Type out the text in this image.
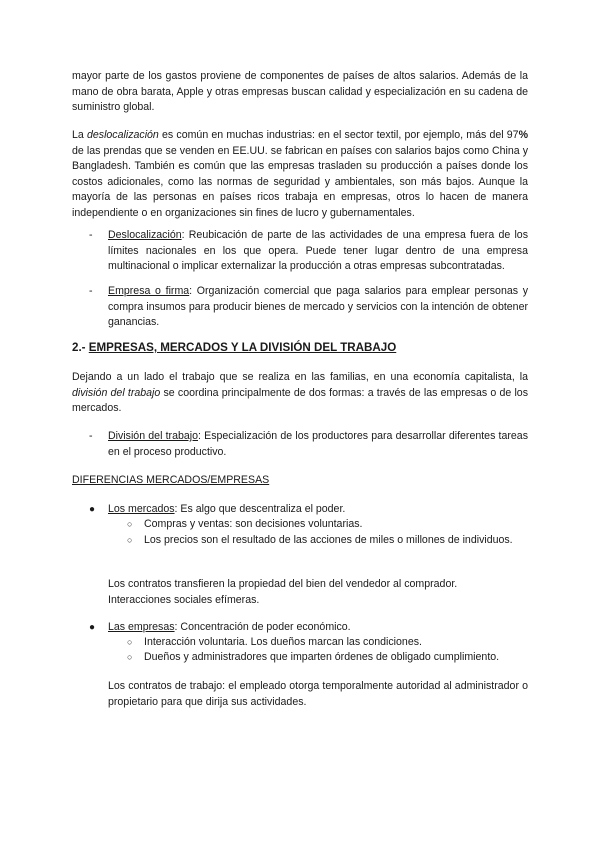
mayor parte de los gastos proviene de componentes de países de altos salarios. Además de la mano de obra barata, Apple y otras empresas buscan calidad y especialización en su cadena de suministro global.

La deslocalización es común en muchas industrias: en el sector textil, por ejemplo, más del 97% de las prendas que se venden en EE.UU. se fabrican en países con salarios bajos como China y Bangladesh. También es común que las empresas trasladen su producción a países donde los costos adicionales, como las normas de seguridad y ambientales, son más bajos. Aunque la mayoría de las personas en países ricos trabaja en empresas, otros lo hacen de manera independiente o en organizaciones sin fines de lucro y gubernamentales.

- Deslocalización: Reubicación de parte de las actividades de una empresa fuera de los límites nacionales en los que opera. Puede tener lugar dentro de una empresa multinacional o implicar externalizar la producción a otras empresas subcontratadas.

- Empresa o firma: Organización comercial que paga salarios para emplear personas y compra insumos para producir bienes de mercado y servicios con la intención de obtener ganancias.

2.- EMPRESAS, MERCADOS Y LA DIVISIÓN DEL TRABAJO

Dejando a un lado el trabajo que se realiza en las familias, en una economía capitalista, la división del trabajo se coordina principalmente de dos formas: a través de las empresas o de los mercados.

- División del trabajo: Especialización de los productores para desarrollar diferentes tareas en el proceso productivo.

DIFERENCIAS MERCADOS/EMPRESAS

● Los mercados: Es algo que descentraliza el poder.

○ Compras y ventas: son decisiones voluntarias.

○ Los precios son el resultado de las acciones de miles o millones de individuos.

Los contratos transfieren la propiedad del bien del vendedor al comprador.
Interacciones sociales efímeras.

● Las empresas: Concentración de poder económico.

○ Interacción voluntaria. Los dueños marcan las condiciones.

○ Dueños y administradores que imparten órdenes de obligado cumplimiento.

Los contratos de trabajo: el empleado otorga temporalmente autoridad al administrador o propietario para que dirija sus actividades.
